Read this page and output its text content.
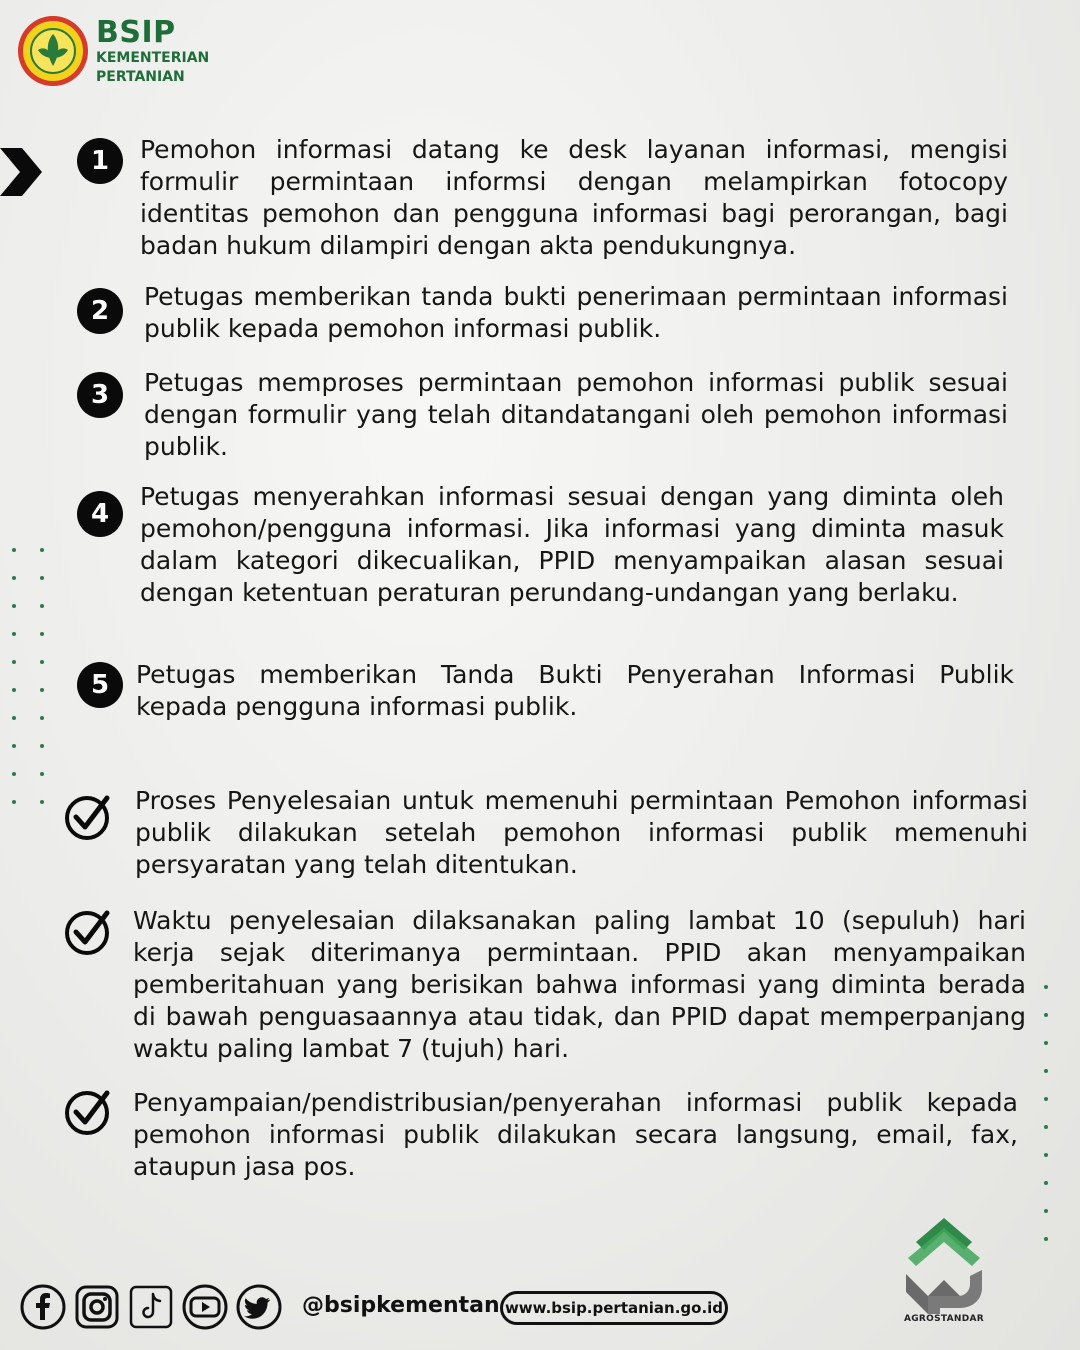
BSIP
KEMENTERIAN
PERTANIAN
1	Pemohon informasi datang ke desk layanan informasi, mengisi formulir permintaan informsi dengan melampirkan fotocopy identitas pemohon dan pengguna informasi bagi perorangan, bagi badan hukum dilampiri dengan akta pendukungnya.
2	Petugas memberikan tanda bukti penerimaan permintaan informasi publik kepada pemohon informasi publik.
3	Petugas memproses permintaan pemohon informasi publik sesuai dengan formulir yang telah ditandatangani oleh pemohon informasi publik.
4
Petugas menyerahkan informasi sesuai dengan yang diminta oleh pemohon/pengguna informasi. Jika informasi yang diminta masuk dalam kategori dikecualikan, PPID menyampaikan alasan sesuai dengan ketentuan peraturan perundang-undangan yang berlaku.
5	Petugas memberikan Tanda Bukti Penyerahan Informasi Publik kepada pengguna informasi publik.
Proses Penyelesaian untuk memenuhi permintaan Pemohon informasi publik dilakukan setelah pemohon informasi publik memenuhi persyaratan yang telah ditentukan.
Waktu penyelesaian dilaksanakan paling lambat 10 (sepuluh) hari kerja sejak diterimanya permintaan. PPID akan menyampaikan pemberitahuan yang berisikan bahwa informasi yang diminta berada di bawah penguasaannya atau tidak, dan PPID dapat memperpanjang waktu paling lambat 7 (tujuh) hari.
Penyampaian/pendistribusian/penyerahan informasi publik kepada pemohon informasi publik dilakukan secara langsung, email, fax, ataupun jasa pos.
@bsipkementan www.bsip.pertanian.go.id
AGROSTANDAR
